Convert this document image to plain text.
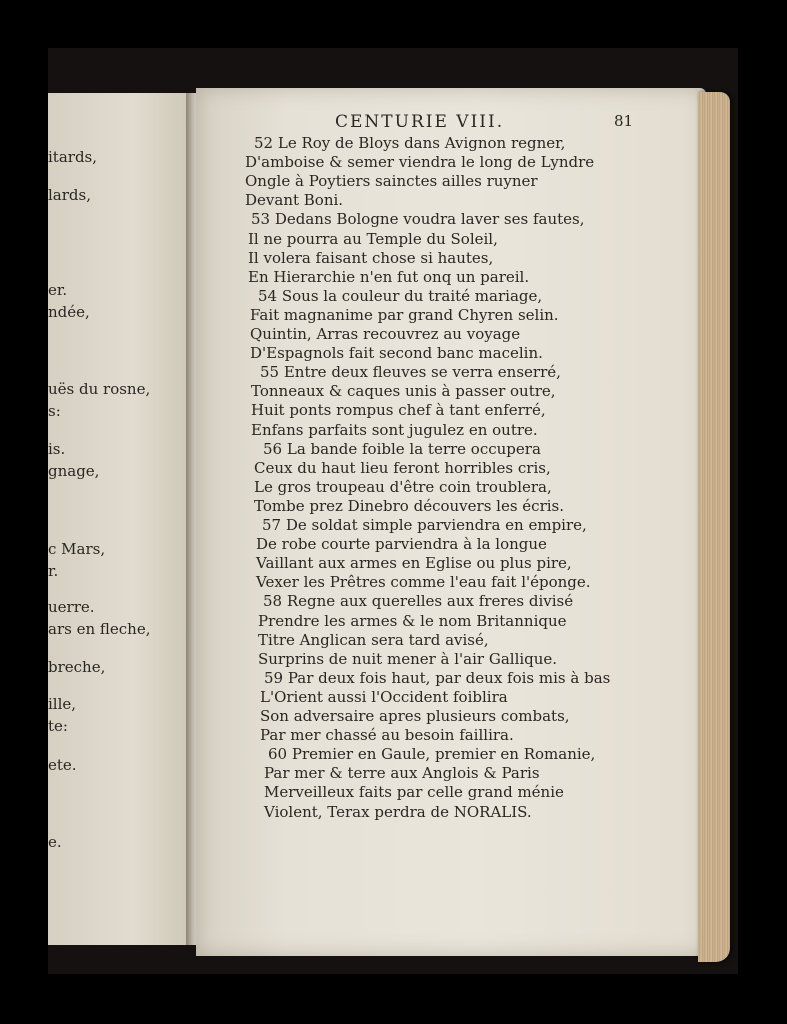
itards,
lards,
er.
ndée,
uës du rosne,
s:
is.
gnage,
c Mars,
r.
uerre.
ars en fleche,
breche,
ille,
te:
ete.
e.
CENTURIE VIII.	81
52 Le Roy de Bloys dans Avignon regner,
D'amboise & semer viendra le long de Lyndre
Ongle à Poytiers sainctes ailles ruyner
Devant Boni.
53 Dedans Bologne voudra laver ses fautes,
Il ne pourra au Temple du Soleil,
Il volera faisant chose si hautes,
En Hierarchie n'en fut onq un pareil.
54 Sous la couleur du traité mariage,
Fait magnanime par grand Chyren selin.
Quintin, Arras recouvrez au voyage
D'Espagnols fait second banc macelin.
55 Entre deux fleuves se verra enserré,
Tonneaux & caques unis à passer outre,
Huit ponts rompus chef à tant enferré,
Enfans parfaits sont jugulez en outre.
56 La bande foible la terre occupera
Ceux du haut lieu feront horribles cris,
Le gros troupeau d'être coin troublera,
Tombe prez Dinebro découvers les écris.
57 De soldat simple parviendra en empire,
De robe courte parviendra à la longue
Vaillant aux armes en Eglise ou plus pire,
Vexer les Prêtres comme l'eau fait l'éponge.
58 Regne aux querelles aux freres divisé
Prendre les armes & le nom Britannique
Titre Anglican sera tard avisé,
Surprins de nuit mener à l'air Gallique.
59 Par deux fois haut, par deux fois mis à bas
L'Orient aussi l'Occident foiblira
Son adversaire apres plusieurs combats,
Par mer chassé au besoin faillira.
60 Premier en Gaule, premier en Romanie,
Par mer & terre aux Anglois & Paris
Merveilleux faits par celle grand ménie
Violent, Terax perdra de NORALIS.
